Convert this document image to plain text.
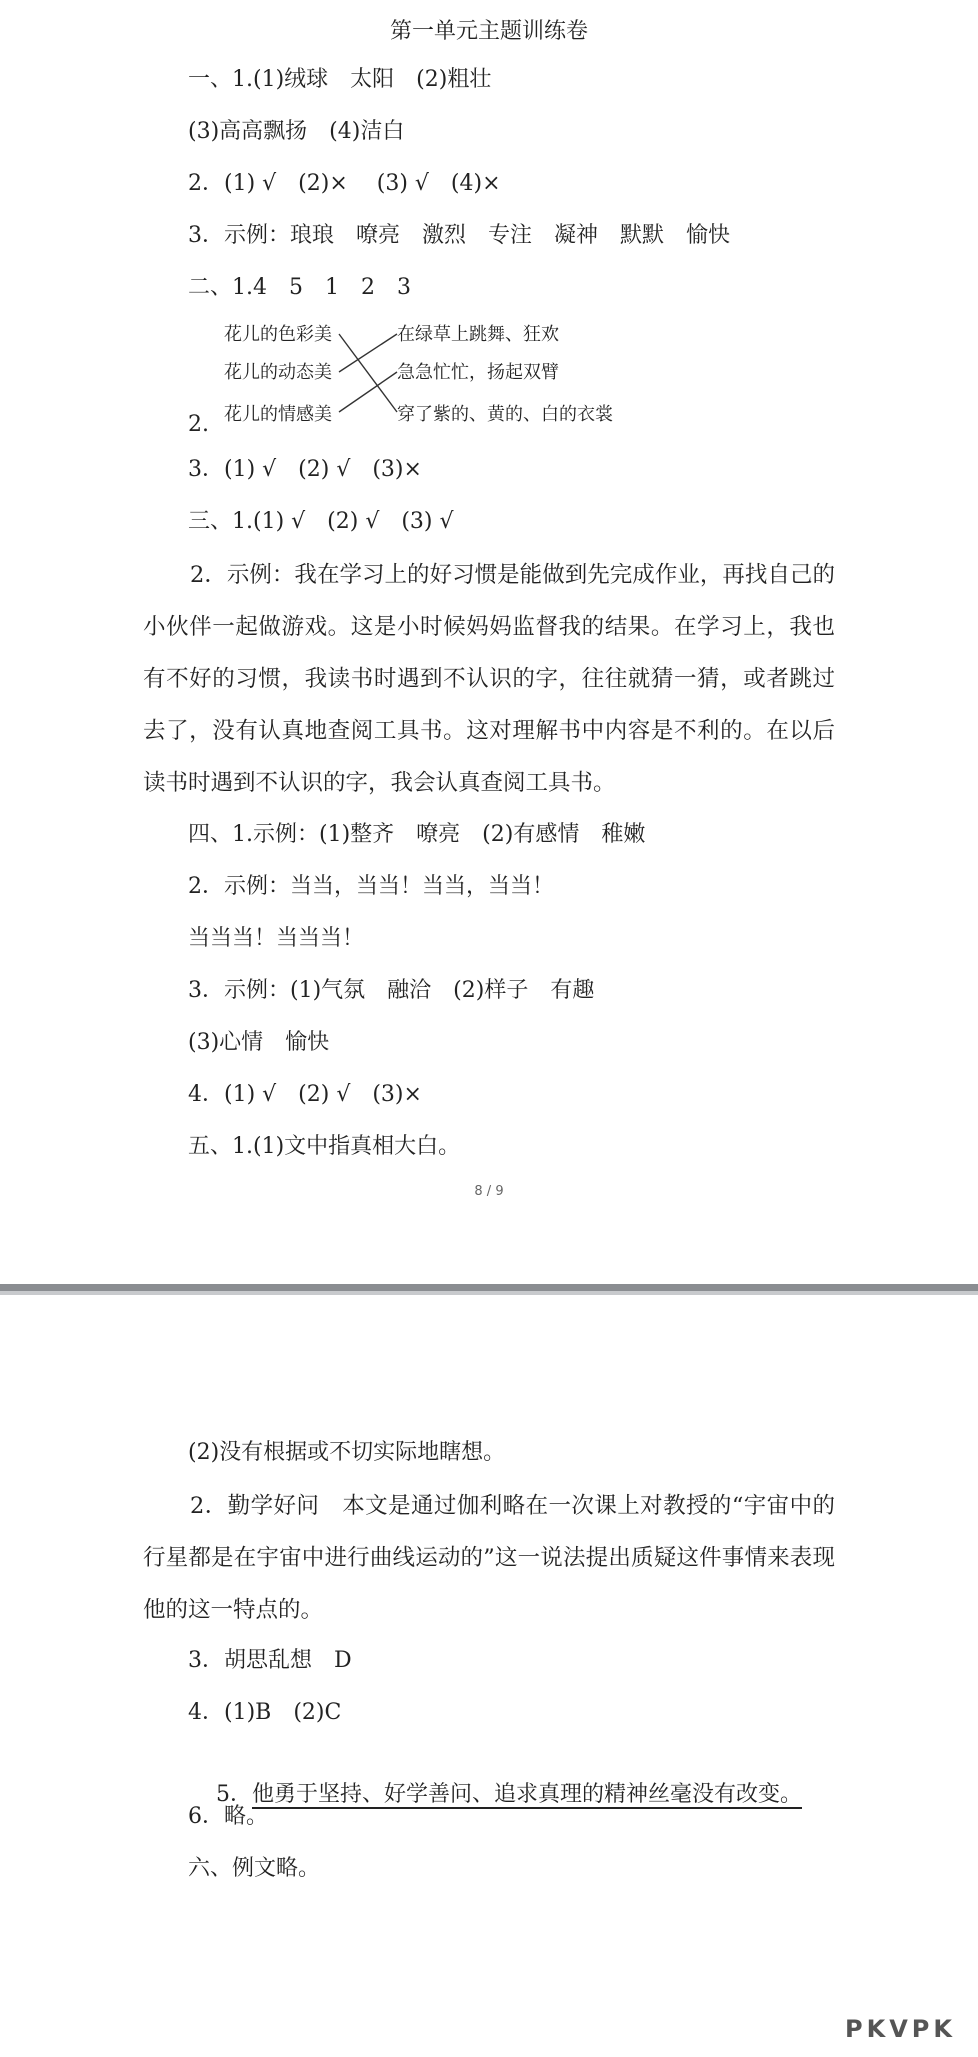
第一单元主题训练卷
一、1.(1)绒球　太阳　(2)粗壮
(3)高高飘扬　(4)洁白
2．(1) √　(2)×　 (3) √　(4)×
3．示例：琅琅　嘹亮　激烈　专注　凝神　默默　愉快
二、1.4　5　1　2　3
2.
花儿的色彩美
花儿的动态美
花儿的情感美
在绿草上跳舞、狂欢
急急忙忙，扬起双臂
穿了紫的、黄的、白的衣裳
3．(1) √　(2) √　(3)×
三、1.(1) √　(2) √　(3) √
2．示例：我在学习上的好习惯是能做到先完成作业，再找自己的小伙伴一起做游戏。这是小时候妈妈监督我的结果。在学习上，我也有不好的习惯，我读书时遇到不认识的字，往往就猜一猜，或者跳过去了，没有认真地查阅工具书。这对理解书中内容是不利的。在以后读书时遇到不认识的字，我会认真查阅工具书。
四、1.示例：(1)整齐　嘹亮　(2)有感情　稚嫩
2．示例：当当，当当！当当，当当！
当当当！当当当！
3．示例：(1)气氛　融洽　(2)样子　有趣
(3)心情　愉快
4．(1) √　(2) √　(3)×
五、1.(1)文中指真相大白。
8 / 9
(2)没有根据或不切实际地瞎想。
2．勤学好问　本文是通过伽利略在一次课上对教授的“宇宙中的行星都是在宇宙中进行曲线运动的”这一说法提出质疑这件事情来表现他的这一特点的。
3．胡思乱想　D
4．(1)B　(2)C

5．他勇于坚持、好学善问、追求真理的精神丝毫没有改变。

6．略。
六、例文略。
PKVPK
